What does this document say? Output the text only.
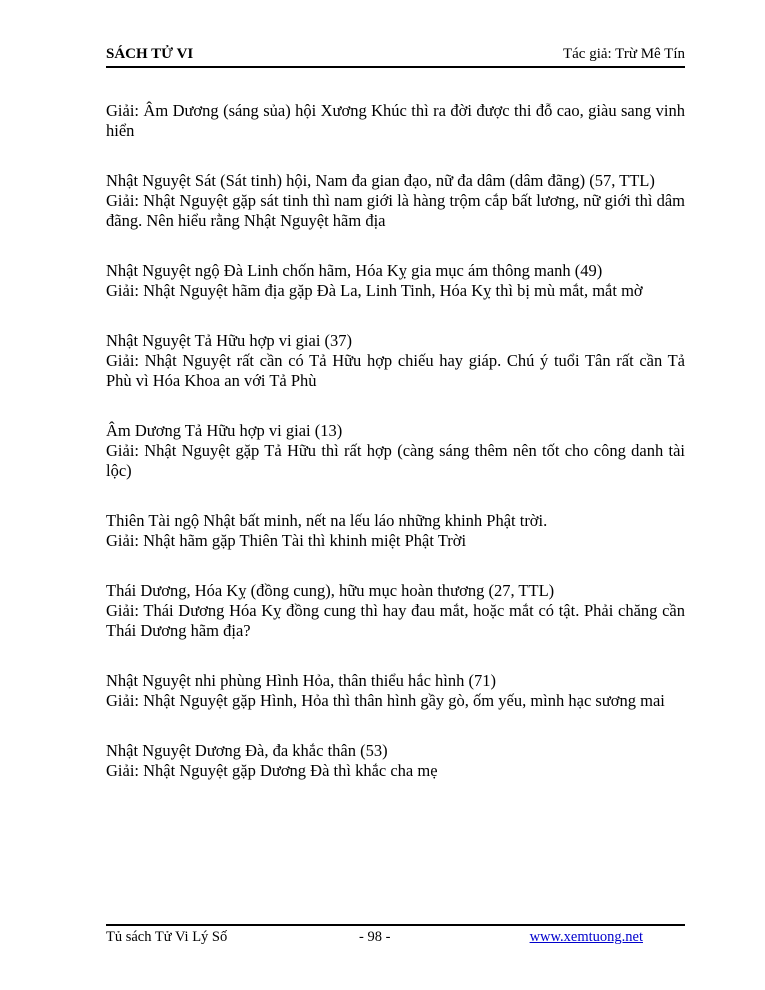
SÁCH TỬ VI	Tác giả: Trừ Mê Tín

Giải: Âm Dương (sáng sủa) hội Xương Khúc thì ra đời được thi đỗ cao, giàu sang vinh hiển

Nhật Nguyệt Sát (Sát tinh) hội, Nam đa gian đạo, nữ đa dâm (dâm đãng) (57, TTL)

Giải: Nhật Nguyệt gặp sát tinh thì nam giới là hàng trộm cắp bất lương, nữ giới thì dâm đãng. Nên hiểu rằng Nhật Nguyệt hãm địa

Nhật Nguyệt ngộ Đà Linh chốn hãm, Hóa Kỵ gia mục ám thông manh (49)

Giải: Nhật Nguyệt hãm địa gặp Đà La, Linh Tinh, Hóa Kỵ thì bị mù mắt, mắt mờ

Nhật Nguyệt Tả Hữu hợp vi giai (37)

Giải: Nhật Nguyệt rất cần có Tả Hữu hợp chiếu hay giáp. Chú ý tuổi Tân rất cần Tả Phù vì Hóa Khoa an với Tả Phù

Âm Dương Tả Hữu hợp vi giai (13)

Giải: Nhật Nguyệt gặp Tả Hữu thì rất hợp (càng sáng thêm nên tốt cho công danh tài lộc)

Thiên Tài ngộ Nhật bất minh, nết na lếu láo những khinh Phật trời.

Giải: Nhật hãm gặp Thiên Tài thì khinh miệt Phật Trời

Thái Dương, Hóa Kỵ (đồng cung), hữu mục hoàn thương (27, TTL)

Giải: Thái Dương Hóa Kỵ đồng cung thì hay đau mắt, hoặc mắt có tật. Phải chăng cần Thái Dương hãm địa?

Nhật Nguyệt nhi phùng Hình Hỏa, thân thiểu hắc hình (71)

Giải: Nhật Nguyệt gặp Hình, Hỏa thì thân hình gầy gò, ốm yếu, mình hạc sương mai

Nhật Nguyệt Dương Đà, đa khắc thân (53)

Giải: Nhật Nguyệt gặp Dương Đà thì khắc cha mẹ

Tủ sách Tử Vi Lý Số	- 98 -	www.xemtuong.net
